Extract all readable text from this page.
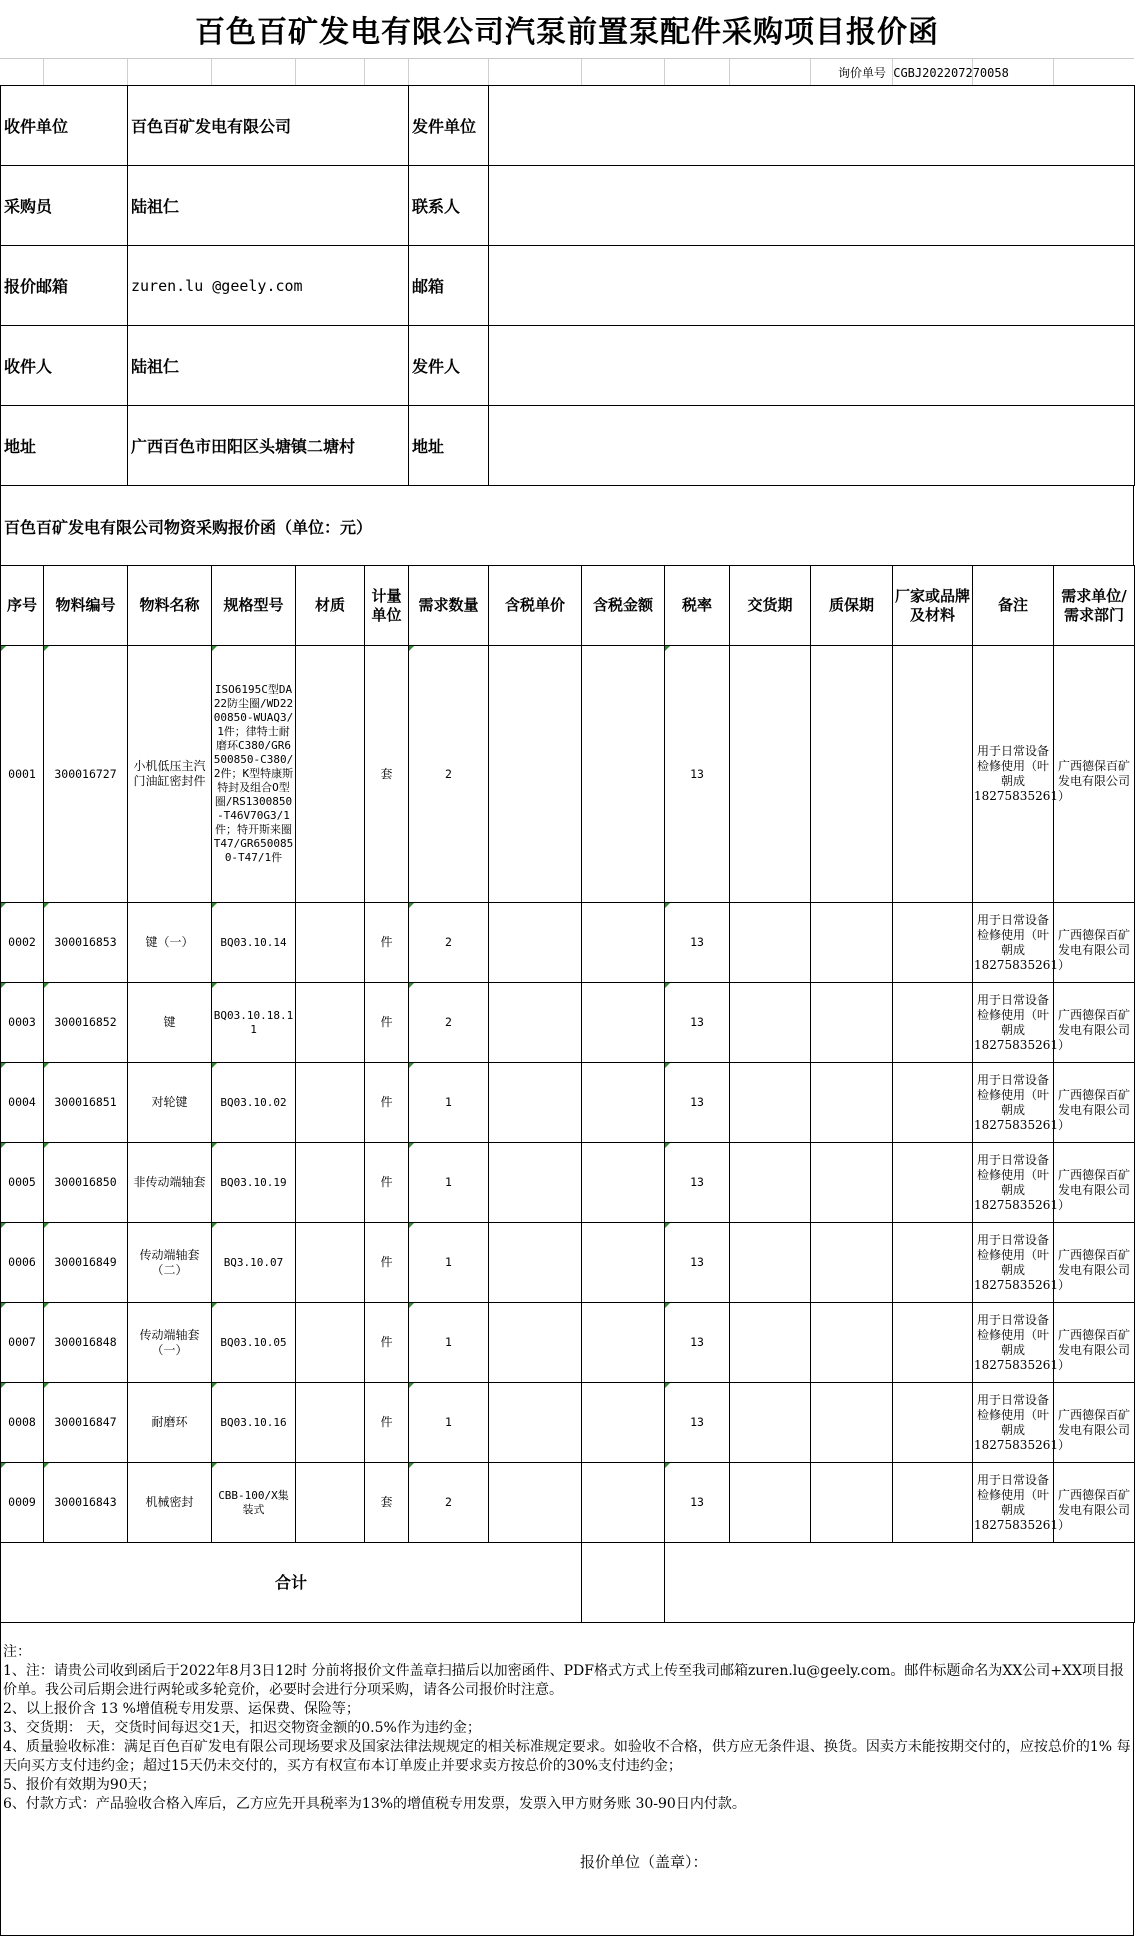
百色百矿发电有限公司汽泵前置泵配件采购项目报价函
询价单号 CGBJ202207270058
收件单位	百色百矿发电有限公司	发件单位	
采购员	陆祖仁	联系人	
报价邮箱	zuren.lu @geely.com	邮箱	
收件人	陆祖仁	发件人	
地址	广西百色市田阳区头塘镇二塘村	地址	
百色百矿发电有限公司物资采购报价函（单位：元）
序号	物料编号	物料名称	规格型号	材质	计量单位	需求数量	含税单价	含税金额	税率	交货期	质保期	厂家或品牌及材料	备注	需求单位/需求部门
0001	300016727	小机低压主汽门油缸密封件	ISO6195C型DA22防尘圈/WD2200850-WUAQ3/1件；律特士耐磨环C380/GR6500850-C380/2件；K型特康斯特封及组合O型圈/RS1300850-T46V70G3/1件；特开斯来圈T47/GR6500850-T47/1件		套	2			13				用于日常设备检修使用（叶朝成18275835261）	广西德保百矿发电有限公司
0002	300016853	键（一）	BQ03.10.14		件	2			13				用于日常设备检修使用（叶朝成18275835261）	广西德保百矿发电有限公司
0003	300016852	键	BQ03.10.18.11		件	2			13				用于日常设备检修使用（叶朝成18275835261）	广西德保百矿发电有限公司
0004	300016851	对轮键	BQ03.10.02		件	1			13				用于日常设备检修使用（叶朝成18275835261）	广西德保百矿发电有限公司
0005	300016850	非传动端轴套	BQ03.10.19		件	1			13				用于日常设备检修使用（叶朝成18275835261）	广西德保百矿发电有限公司
0006	300016849	传动端轴套（二）	BQ3.10.07		件	1			13				用于日常设备检修使用（叶朝成18275835261）	广西德保百矿发电有限公司
0007	300016848	传动端轴套（一）	BQ03.10.05		件	1			13				用于日常设备检修使用（叶朝成18275835261）	广西德保百矿发电有限公司
0008	300016847	耐磨环	BQ03.10.16		件	1			13				用于日常设备检修使用（叶朝成18275835261）	广西德保百矿发电有限公司
0009	300016843	机械密封	CBB-100/X集装式		套	2			13				用于日常设备检修使用（叶朝成18275835261）	广西德保百矿发电有限公司
合计														

注：

1、注：请贵公司收到函后于2022年8月3日12时 分前将报价文件盖章扫描后以加密函件、PDF格式方式上传至我司邮箱zuren.lu@geely.com。邮件标题命名为XX公司+XX项目报价单。我公司后期会进行两轮或多轮竞价，必要时会进行分项采购，请各公司报价时注意。

2、以上报价含 13 %增值税专用发票、运保费、保险等；

3、交货期： 天，交货时间每迟交1天，扣迟交物资金额的0.5%作为违约金；

4、质量验收标准：满足百色百矿发电有限公司现场要求及国家法律法规规定的相关标准规定要求。如验收不合格，供方应无条件退、换货。因卖方未能按期交付的，应按总价的1% 每天向买方支付违约金；超过15天仍未交付的，买方有权宣布本订单废止并要求卖方按总价的30%支付违约金；

5、报价有效期为90天；

6、付款方式：产品验收合格入库后，乙方应先开具税率为13%的增值税专用发票，发票入甲方财务账 30-90日内付款。

报价单位（盖章）：
